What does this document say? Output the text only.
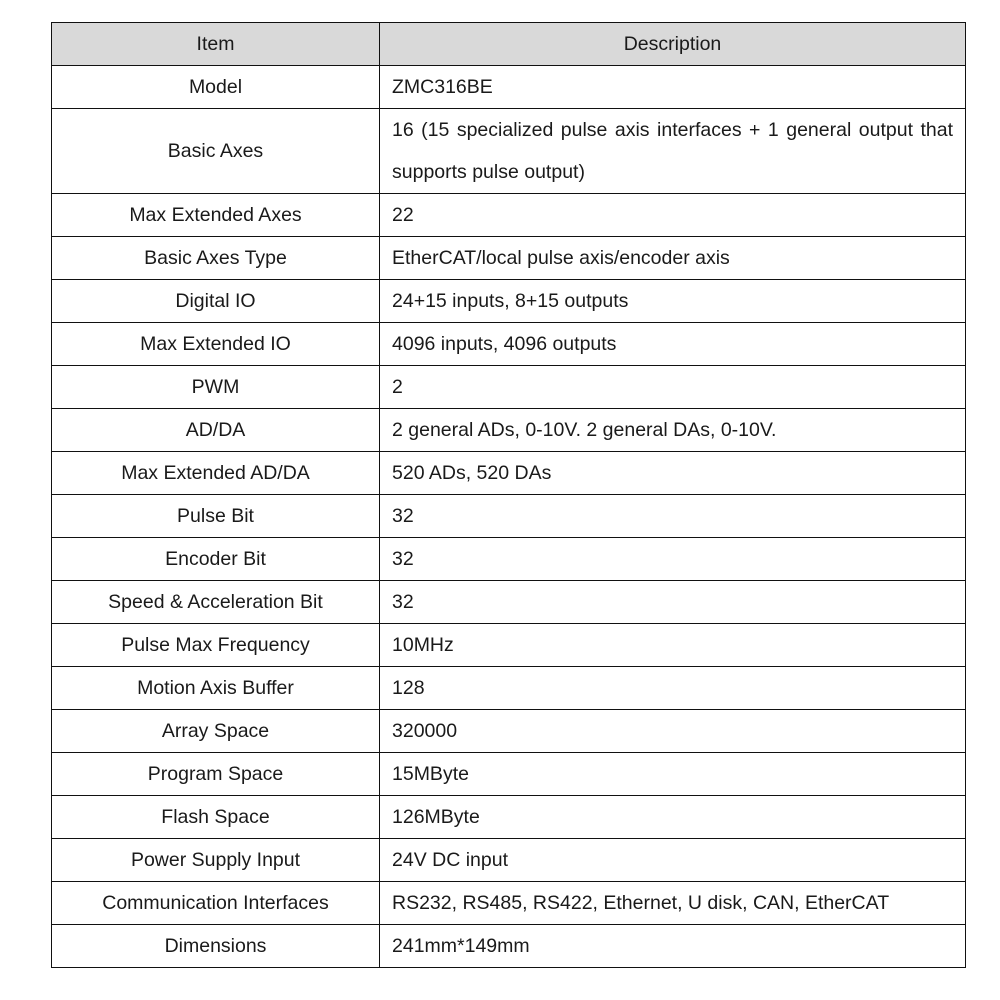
Item	Description
Model	ZMC316BE
Basic Axes	16 (15 specialized pulse axis interfaces + 1 general output that supports pulse output)
Max Extended Axes	22
Basic Axes Type	EtherCAT/local pulse axis/encoder axis
Digital IO	24+15 inputs, 8+15 outputs
Max Extended IO	4096 inputs, 4096 outputs
PWM	2
AD/DA	2 general ADs, 0-10V. 2 general DAs, 0-10V.
Max Extended AD/DA	520 ADs, 520 DAs
Pulse Bit	32
Encoder Bit	32
Speed & Acceleration Bit	32
Pulse Max Frequency	10MHz
Motion Axis Buffer	128
Array Space	320000
Program Space	15MByte
Flash Space	126MByte
Power Supply Input	24V DC input
Communication Interfaces	RS232, RS485, RS422, Ethernet, U disk, CAN, EtherCAT
Dimensions	241mm*149mm
